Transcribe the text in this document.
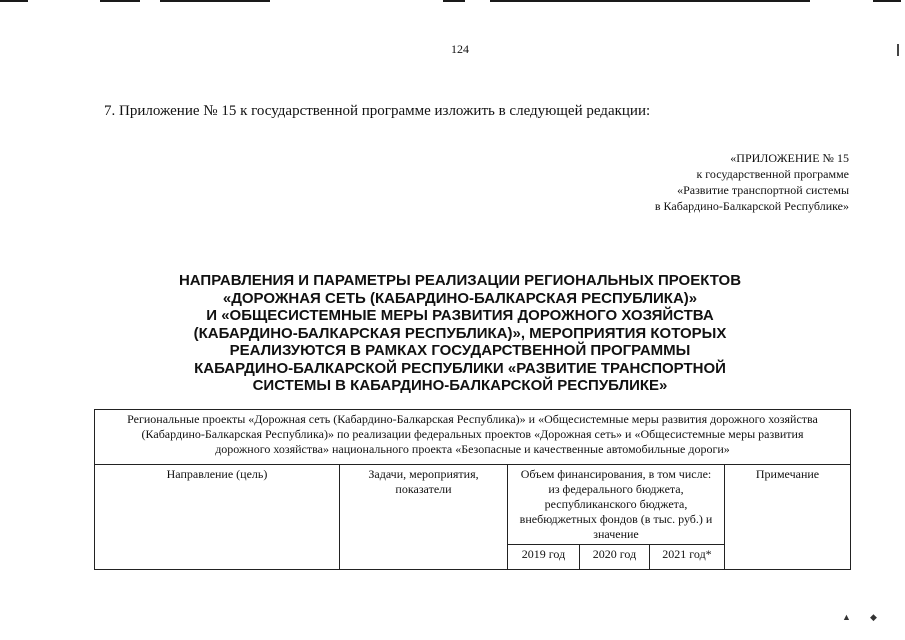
124
7. Приложение № 15 к государственной программе изложить в следующей редакции:
«ПРИЛОЖЕНИЕ № 15
к государственной программе
«Развитие транспортной системы
в Кабардино-Балкарской Республике»
НАПРАВЛЕНИЯ И ПАРАМЕТРЫ РЕАЛИЗАЦИИ РЕГИОНАЛЬНЫХ ПРОЕКТОВ
«ДОРОЖНАЯ СЕТЬ (КАБАРДИНО-БАЛКАРСКАЯ РЕСПУБЛИКА)»
И «ОБЩЕСИСТЕМНЫЕ МЕРЫ РАЗВИТИЯ ДОРОЖНОГО ХОЗЯЙСТВА
(КАБАРДИНО-БАЛКАРСКАЯ РЕСПУБЛИКА)», МЕРОПРИЯТИЯ КОТОРЫХ
РЕАЛИЗУЮТСЯ В РАМКАХ ГОСУДАРСТВЕННОЙ ПРОГРАММЫ
КАБАРДИНО-БАЛКАРСКОЙ РЕСПУБЛИКИ «РАЗВИТИЕ ТРАНСПОРТНОЙ
СИСТЕМЫ В КАБАРДИНО-БАЛКАРСКОЙ РЕСПУБЛИКЕ»
Региональные проекты «Дорожная сеть (Кабардино-Балкарская Республика)» и «Общесистемные меры развития дорожного хозяйства
(Кабардино-Балкарская Республика)» по реализации федеральных проектов «Дорожная сеть» и «Общесистемные меры развития
дорожного хозяйства» национального проекта «Безопасные и качественные автомобильные дороги»					

Направление (цель)	Задачи, мероприятия, показатели	Объем финансирования, в том числе: из федерального бюджета, республиканского бюджета, внебюджетных фондов (в тыс. руб.) и значение			Примечание
		2019 год	2020 год	2021 год*	
▲ ◆
